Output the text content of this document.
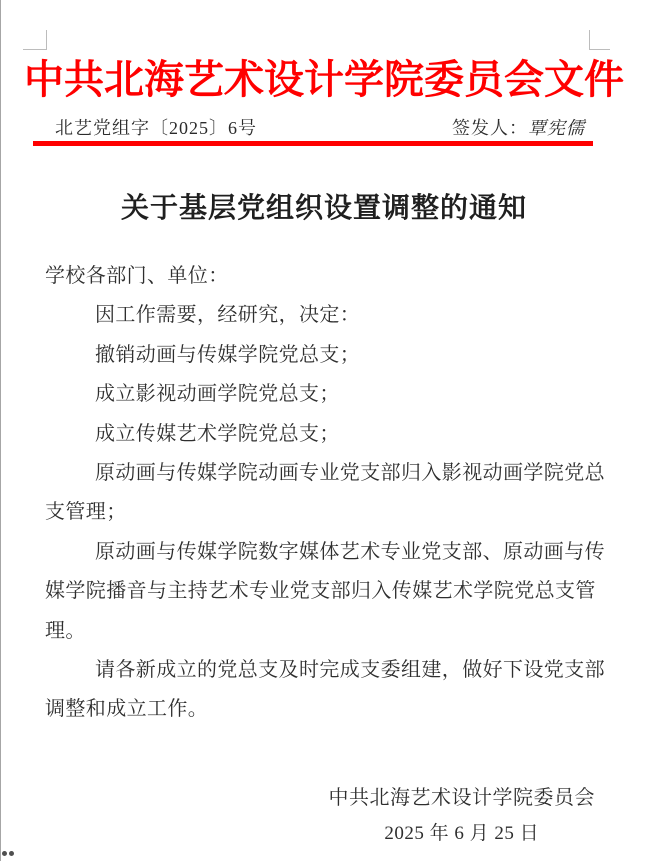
中共北海艺术设计学院委员会文件
北艺党组字〔2025〕6号	签发人：覃宪儒
关于基层党组织设置调整的通知
学校各部门、单位：
因工作需要，经研究，决定：
撤销动画与传媒学院党总支；
成立影视动画学院党总支；
成立传媒艺术学院党总支；
原动画与传媒学院动画专业党支部归入影视动画学院党总
支管理；
原动画与传媒学院数字媒体艺术专业党支部、原动画与传
媒学院播音与主持艺术专业党支部归入传媒艺术学院党总支管
理。
请各新成立的党总支及时完成支委组建，做好下设党支部
调整和成立工作。
中共北海艺术设计学院委员会
2025 年 6 月 25 日
